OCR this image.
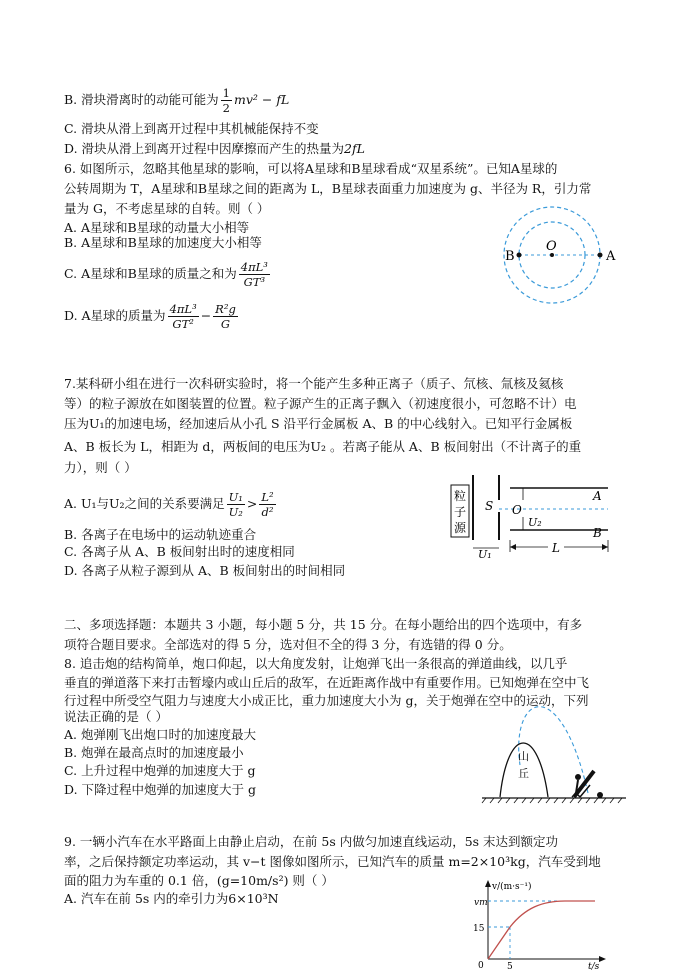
B. 滑块滑离时的动能可能为 $\frac{1}{2} mv^2$ − fL
C. 滑块从滑上到离开过程中其机械能保持不变
D. 滑块从滑上到离开过程中因摩擦而产生的热量为2fL
6. 如图所示，忽略其他星球的影响，可以将A星球和B星球看成“双星系统”。已知A星球的
公转周期为 T，A星球和B星球之间的距离为 L，B星球表面重力加速度为 g、半径为 R，引力常
量为 G，不考虑星球的自转。则（ ）
A. A星球和B星球的动量大小相等
B. A星球和B星球的加速度大小相等
C. A星球和B星球的质量之和为 $\frac{\text{4πL³}}{\text{GT³}}$
D. A星球的质量为 $\frac{\text{4πL³}}{\text{GT²}} - \frac{\text{R²g}}{G}$
B
O
A
7.某科研小组在进行一次科研实验时，将一个能产生多种正离子（质子、氘核、氚核及氦核
等）的粒子源放在如图装置的位置。粒子源产生的正离子飘入（初速度很小，可忽略不计）电
压为U₁的加速电场，经加速后从小孔 S 沿平行金属板 A、B 的中心线射入。已知平行金属板
A、B 板长为 L，相距为 d，两板间的电压为U₂ 。若离子能从 A、B 板间射出（不计离子的重
力），则（ ）
A. U₁与U₂之间的关系要满足 $\frac{\text{U₁}}{\text{U₂}} > \frac{\text{L²}}{\text{d²}}$
B. 各离子在电场中的运动轨迹重合
C. 各离子从 A、B 板间射出时的速度相同
D. 各离子从粒子源到从 A、B 板间射出的时间相同
粒
子
源
S O
A
B
U₂
U₁	L
二、多项选择题：本题共 3 小题，每小题 5 分，共 15 分。在每小题给出的四个选项中，有多
项符合题目要求。全部选对的得 5 分，选对但不全的得 3 分，有选错的得 0 分。
8. 追击炮的结构简单，炮口仰起，以大角度发射，让炮弹飞出一条很高的弹道曲线，以几乎
垂直的弹道落下来打击暂壕内或山丘后的敌军，在近距离作战中有重要作用。已知炮弹在空中飞
行过程中所受空气阻力与速度大小成正比，重力加速度大小为 g，关于炮弹在空中的运动，下列
说法正确的是（ ）
A. 炮弹刚飞出炮口时的加速度最大
B. 炮弹在最高点时的加速度最小
C. 上升过程中炮弹的加速度大于 g
D. 下降过程中炮弹的加速度大于 g
山
丘
9. 一辆小汽车在水平路面上由静止启动，在前 5s 内做匀加速直线运动，5s 末达到额定功
率，之后保持额定功率运动，其 v−t 图像如图所示，已知汽车的质量 m=2×10³kg，汽车受到地
面的阻力为车重的 0.1 倍，(g=10m/s²) 则（ ）
A. 汽车在前 5s 内的牵引力为6×10³N
v/(m·s⁻¹)
vm
15
0	5	t/s
